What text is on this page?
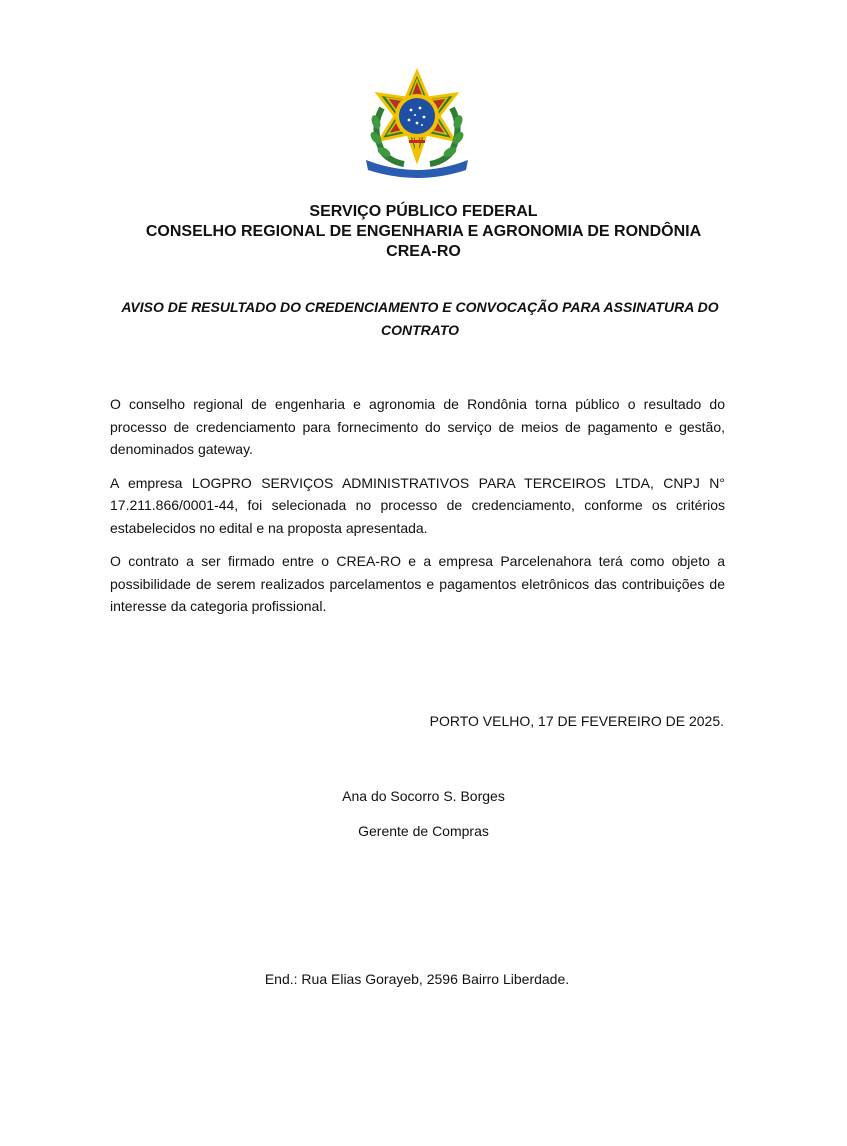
SERVIÇO PÚBLICO FEDERAL
CONSELHO REGIONAL DE ENGENHARIA E AGRONOMIA DE RONDÔNIA
CREA-RO
AVISO DE RESULTADO DO CREDENCIAMENTO E CONVOCAÇÃO PARA ASSINATURA DO
CONTRATO

O conselho regional de engenharia e agronomia de Rondônia torna público o resultado do processo de credenciamento para fornecimento do serviço de meios de pagamento e gestão, denominados gateway.

A empresa LOGPRO SERVIÇOS ADMINISTRATIVOS PARA TERCEIROS LTDA, CNPJ N° 17.211.866/0001-44, foi selecionada no processo de credenciamento, conforme os critérios estabelecidos no edital e na proposta apresentada.

O contrato a ser firmado entre o CREA-RO e a empresa Parcelenahora terá como objeto a possibilidade de serem realizados parcelamentos e pagamentos eletrônicos das contribuições de interesse da categoria profissional.

PORTO VELHO, 17 DE FEVEREIRO DE 2025.
Ana do Socorro S. Borges
Gerente de Compras
End.: Rua Elias Gorayeb, 2596 Bairro Liberdade.
